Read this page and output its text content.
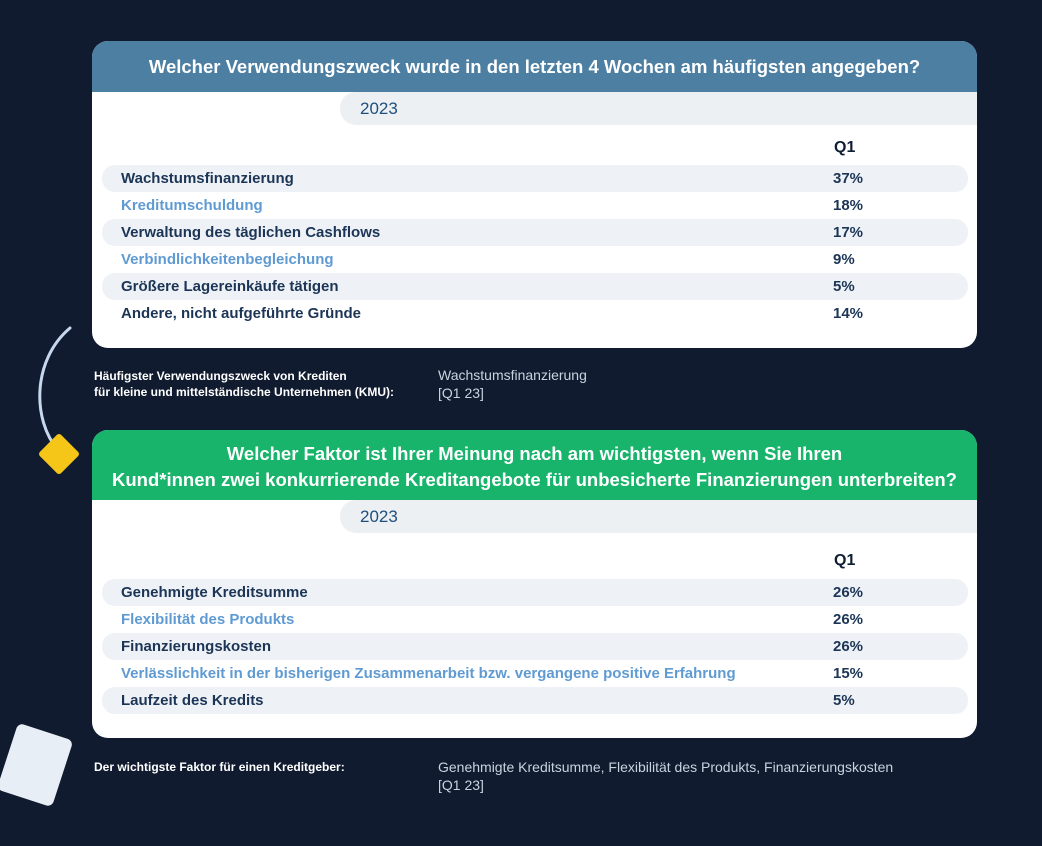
Welcher Verwendungszweck wurde in den letzten 4 Wochen am häufigsten angegeben?
2023
Q1
Wachstumsfinanzierung	37%
Kreditumschuldung	18%
Verwaltung des täglichen Cashflows	17%
Verbindlichkeitenbegleichung	9%
Größere Lagereinkäufe tätigen	5%
Andere, nicht aufgeführte Gründe	14%
Häufigster Verwendungszweck von Krediten
für kleine und mittelständische Unternehmen (KMU):
Wachstumsfinanzierung
[Q1 23]
Welcher Faktor ist Ihrer Meinung nach am wichtigsten, wenn Sie Ihren
Kund*innen zwei konkurrierende Kreditangebote für unbesicherte Finanzierungen unterbreiten?
2023
Q1
Genehmigte Kreditsumme	26%
Flexibilität des Produkts	26%
Finanzierungskosten	26%
Verlässlichkeit in der bisherigen Zusammenarbeit bzw. vergangene positive Erfahrung	15%
Laufzeit des Kredits	5%
Der wichtigste Faktor für einen Kreditgeber:	Genehmigte Kreditsumme, Flexibilität des Produkts, Finanzierungskosten
[Q1 23]
